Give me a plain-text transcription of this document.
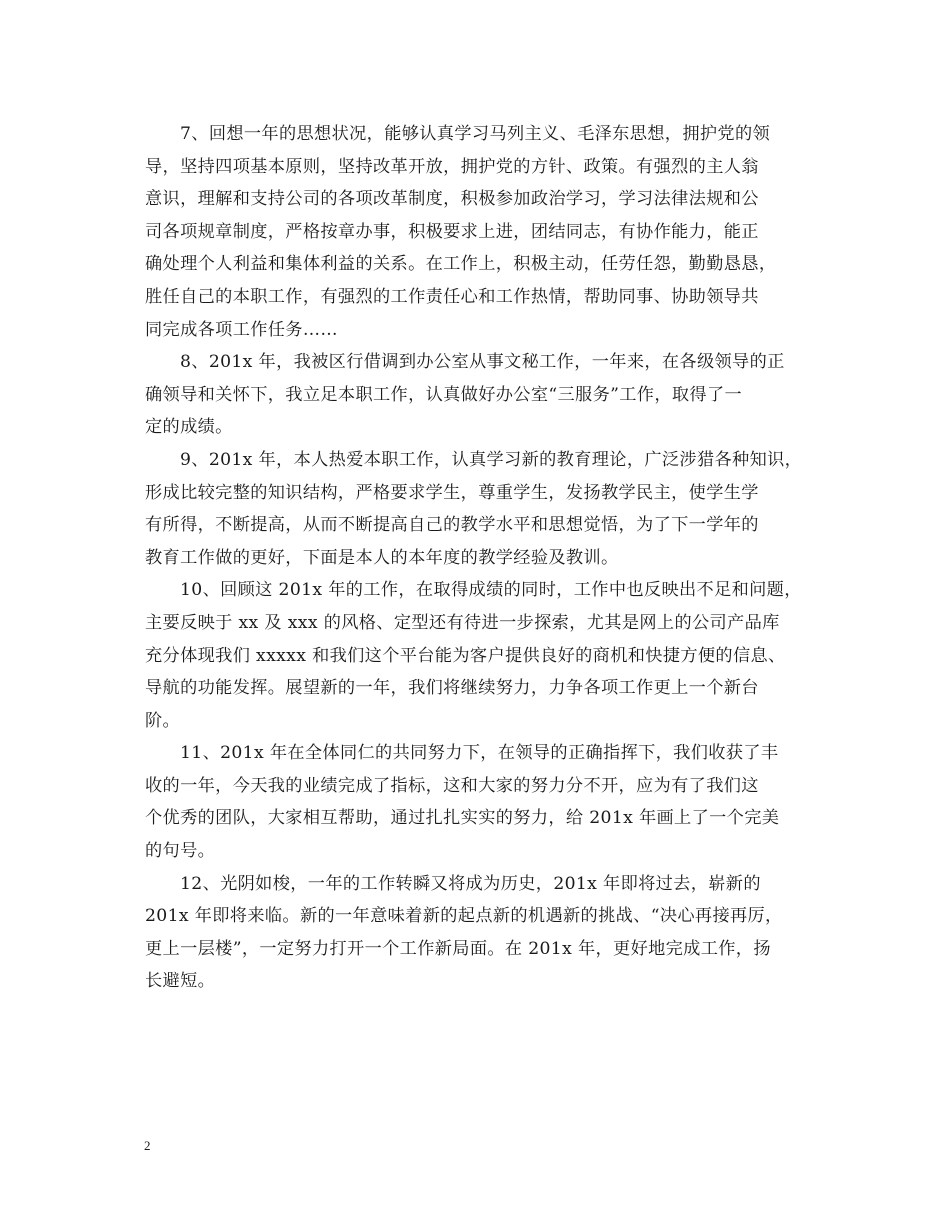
7、回想一年的思想状况，能够认真学习马列主义、毛泽东思想，拥护党的领
导，坚持四项基本原则，坚持改革开放，拥护党的方针、政策。有强烈的主人翁
意识，理解和支持公司的各项改革制度，积极参加政治学习，学习法律法规和公
司各项规章制度，严格按章办事，积极要求上进，团结同志，有协作能力，能正
确处理个人利益和集体利益的关系。在工作上，积极主动，任劳任怨，勤勤恳恳，
胜任自己的本职工作，有强烈的工作责任心和工作热情，帮助同事、协助领导共
同完成各项工作任务……
8、201x 年，我被区行借调到办公室从事文秘工作，一年来，在各级领导的正
确领导和关怀下，我立足本职工作，认真做好办公室“三服务”工作，取得了一
定的成绩。
9、201x 年，本人热爱本职工作，认真学习新的教育理论，广泛涉猎各种知识，
形成比较完整的知识结构，严格要求学生，尊重学生，发扬教学民主，使学生学
有所得，不断提高，从而不断提高自己的教学水平和思想觉悟，为了下一学年的
教育工作做的更好，下面是本人的本年度的教学经验及教训。
10、回顾这 201x 年的工作，在取得成绩的同时，工作中也反映出不足和问题，
主要反映于 xx 及 xxx 的风格、定型还有待进一步探索，尤其是网上的公司产品库
充分体现我们 xxxxx 和我们这个平台能为客户提供良好的商机和快捷方便的信息、
导航的功能发挥。展望新的一年，我们将继续努力，力争各项工作更上一个新台
阶。
11、201x 年在全体同仁的共同努力下，在领导的正确指挥下，我们收获了丰
收的一年，今天我的业绩完成了指标，这和大家的努力分不开，应为有了我们这
个优秀的团队，大家相互帮助，通过扎扎实实的努力，给 201x 年画上了一个完美
的句号。
12、光阴如梭，一年的工作转瞬又将成为历史，201x 年即将过去，崭新的
201x 年即将来临。新的一年意味着新的起点新的机遇新的挑战、“决心再接再厉，
更上一层楼”，一定努力打开一个工作新局面。在 201x 年，更好地完成工作，扬
长避短。
2
